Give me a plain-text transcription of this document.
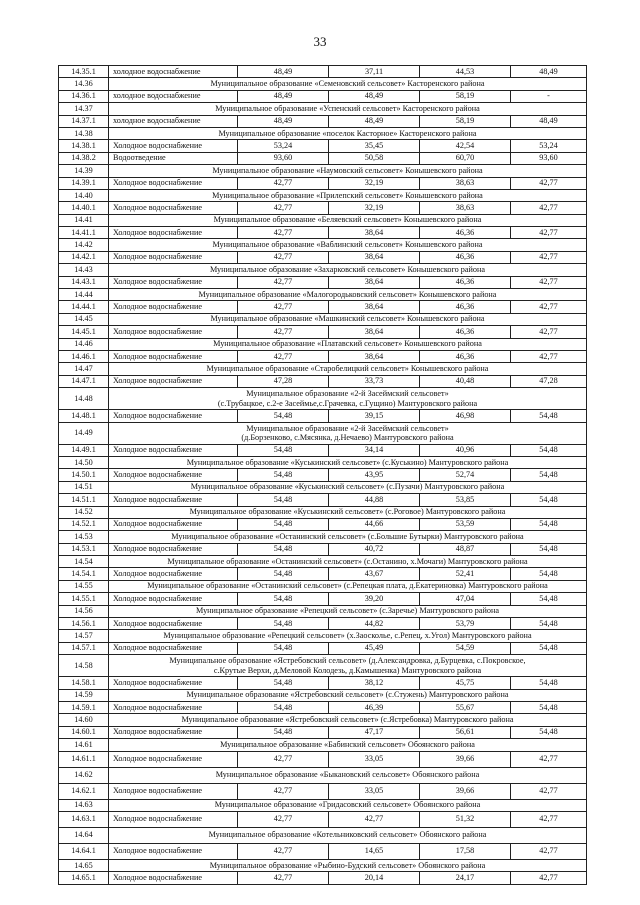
33
14.35.1	холодное водоснабжение	48,49	37,11	44,53	48,49
14.36	Муниципальное образование «Семеновский сельсовет» Касторенского района				
14.36.1	холодное водоснабжение	48,49	48,49	58,19	-
14.37	Муниципальное образование «Успенский сельсовет» Касторенского района				
14.37.1	холодное водоснабжение	48,49	48,49	58,19	48,49
14.38	Муниципальное образование «поселок Касторное» Касторенского района				
14.38.1	Холодное водоснабжение	53,24	35,45	42,54	53,24
14.38.2	Водоотведение	93,60	50,58	60,70	93,60
14.39	Муниципальное образование «Наумовский сельсовет» Конышевского района				
14.39.1	Холодное водоснабжение	42,77	32,19	38,63	42,77
14.40	Муниципальное образование «Прилепский сельсовет» Конышевского района				
14.40.1	Холодное водоснабжение	42,77	32,19	38,63	42,77
14.41	Муниципальное образование «Беляевский сельсовет» Конышевского района				
14.41.1	Холодное водоснабжение	42,77	38,64	46,36	42,77
14.42	Муниципальное образование «Ваблинский сельсовет» Конышевского района				
14.42.1	Холодное водоснабжение	42,77	38,64	46,36	42,77
14.43	Муниципальное образование «Захарковский сельсовет» Конышевского района				
14.43.1	Холодное водоснабжение	42,77	38,64	46,36	42,77
14.44	Муниципальное образование «Малогородьковский сельсовет» Конышевского района				
14.44.1	Холодное водоснабжение	42,77	38,64	46,36	42,77
14.45	Муниципальное образование «Машкинский сельсовет» Конышевского района				
14.45.1	Холодное водоснабжение	42,77	38,64	46,36	42,77
14.46	Муниципальное образование «Платавский сельсовет» Конышевского района				
14.46.1	Холодное водоснабжение	42,77	38,64	46,36	42,77
14.47	Муниципальное образование «Старобелицкий сельсовет» Конышевского района				
14.47.1	Холодное водоснабжение	47,28	33,73	40,48	47,28
14.48	Муниципальное образование «2-й Засеймский сельсовет»
(с.Трубацкое, с.2-е Засеймье,с.Грачевка, с.Гущино) Мантуровского района				
14.48.1	Холодное водоснабжение	54,48	39,15	46,98	54,48
14.49	Муниципальное образование «2-й Засеймский сельсовет»
(д.Борзенково, с.Мясянка, д.Нечаево) Мантуровского района				
14.49.1	Холодное водоснабжение	54,48	34,14	40,96	54,48
14.50	Муниципальное образование «Куськинский сельсовет» (с.Куськино) Мантуровского района				
14.50.1	Холодное водоснабжение	54,48	43,95	52,74	54,48
14.51	Муниципальное образование «Куськинский сельсовет» (с.Пузачи) Мантуровского района				
14.51.1	Холодное водоснабжение	54,48	44,88	53,85	54,48
14.52	Муниципальное образование «Куськинский сельсовет» (с.Роговое) Мантуровского района				
14.52.1	Холодное водоснабжение	54,48	44,66	53,59	54,48
14.53	Муниципальное образование «Останинский сельсовет» (с.Большие Бутырки) Мантуровского района				
14.53.1	Холодное водоснабжение	54,48	40,72	48,87	54,48
14.54	Муниципальное образование «Останинский сельсовет» (с.Останино, х.Мочаги) Мантуровского района				
14.54.1	Холодное водоснабжение	54,48	43,67	52,41	54,48
14.55	Муниципальное образование «Останинский сельсовет» (с.Репецкая плата, д.Екатериновка) Мантуровского района				
14.55.1	Холодное водоснабжение	54,48	39,20	47,04	54,48
14.56	Муниципальное образование «Репецкий сельсовет» (с.Заречье) Мантуровского района				
14.56.1	Холодное водоснабжение	54,48	44,82	53,79	54,48
14.57	Муниципальное образование «Репецкий сельсовет» (х.Заосколье, с.Репец, х.Угол) Мантуровского района				
14.57.1	Холодное водоснабжение	54,48	45,49	54,59	54,48
14.58	Муниципальное образование «Ястребовский сельсовет» (д.Александровка, д.Бурцевка, с.Покровское,
с.Крутые Верхи, д.Меловой Колодезь, д.Камышенка) Мантуровского района				
14.58.1	Холодное водоснабжение	54,48	38,12	45,75	54,48
14.59	Муниципальное образование «Ястребовский сельсовет» (с.Стужень) Мантуровского района				
14.59.1	Холодное водоснабжение	54,48	46,39	55,67	54,48
14.60	Муниципальное образование «Ястребовский сельсовет» (с.Ястребовка) Мантуровского района				
14.60.1	Холодное водоснабжение	54,48	47,17	56,61	54,48
14.61	Муниципальное образование «Бабинский сельсовет» Обоянского района				
14.61.1	Холодное водоснабжение	42,77	33,05	39,66	42,77
14.62	Муниципальное образование «Быкановский сельсовет» Обоянского района				
14.62.1	Холодное водоснабжение	42,77	33,05	39,66	42,77
14.63	Муниципальное образование «Гридасовский сельсовет» Обоянского района				
14.63.1	Холодное водоснабжение	42,77	42,77	51,32	42,77
14.64	Муниципальное образование «Котельниковский сельсовет» Обоянского района				
14.64.1	Холодное водоснабжение	42,77	14,65	17,58	42,77
14.65	Муниципальное образование «Рыбино-Будский сельсовет» Обоянского района				
14.65.1	Холодное водоснабжение	42,77	20,14	24,17	42,77
